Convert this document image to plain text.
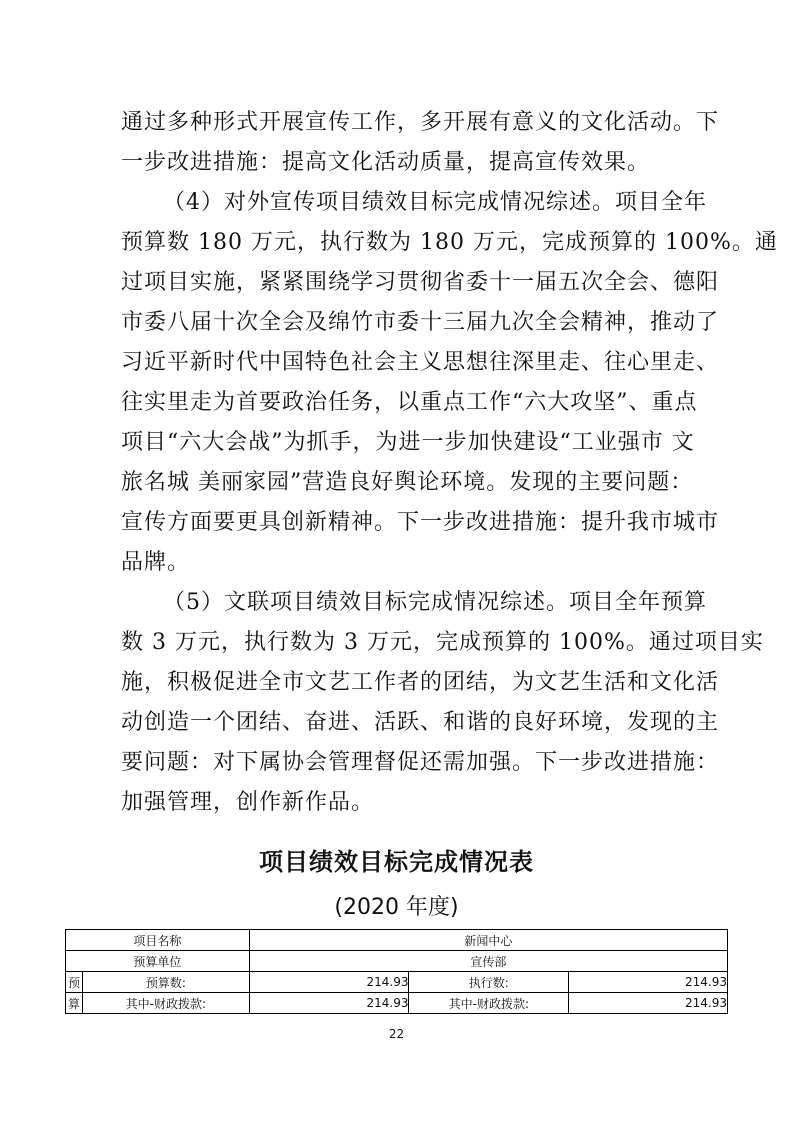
通过多种形式开展宣传工作，多开展有意义的文化活动。下
一步改进措施：提高文化活动质量，提高宣传效果。
（4）对外宣传项目绩效目标完成情况综述。项目全年
预算数 180 万元，执行数为 180 万元，完成预算的 100%。通
过项目实施，紧紧围绕学习贯彻省委十一届五次全会、德阳
市委八届十次全会及绵竹市委十三届九次全会精神，推动了
习近平新时代中国特色社会主义思想往深里走、往心里走、
往实里走为首要政治任务，以重点工作“六大攻坚”、重点
项目“六大会战”为抓手，为进一步加快建设“工业强市 文
旅名城 美丽家园”营造良好舆论环境。发现的主要问题：
宣传方面要更具创新精神。下一步改进措施：提升我市城市
品牌。
（5）文联项目绩效目标完成情况综述。项目全年预算
数 3 万元，执行数为 3 万元，完成预算的 100%。通过项目实
施，积极促进全市文艺工作者的团结，为文艺生活和文化活
动创造一个团结、奋进、活跃、和谐的良好环境，发现的主
要问题：对下属协会管理督促还需加强。下一步改进措施：
加强管理，创作新作品。
项目绩效目标完成情况表
(2020 年度)
项目名称		新闻中心		
预算单位		宣传部		
预	预算数:	214.93	执行数:	214.93
算	其中-财政拨款:	214.93	其中-财政拨款:	214.93
22
